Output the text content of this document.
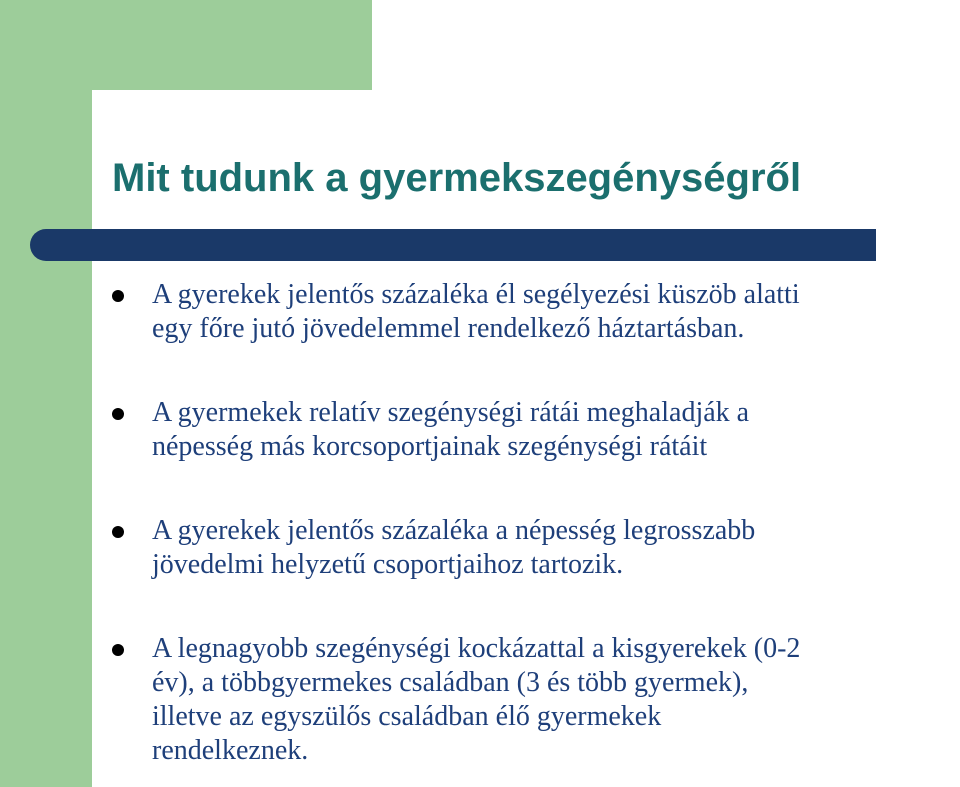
Mit tudunk a gyermekszegénységről
A gyerekek jelentős százaléka él segélyezési küszöb alatti
egy főre jutó jövedelemmel rendelkező háztartásban.
A gyermekek relatív szegénységi rátái meghaladják a
népesség más korcsoportjainak szegénységi rátáit
A gyerekek jelentős százaléka a népesség legrosszabb
jövedelmi helyzetű csoportjaihoz tartozik.
A legnagyobb szegénységi kockázattal a kisgyerekek (0-2
év), a többgyermekes családban (3 és több gyermek),
illetve az egyszülős családban élő gyermekek
rendelkeznek.
